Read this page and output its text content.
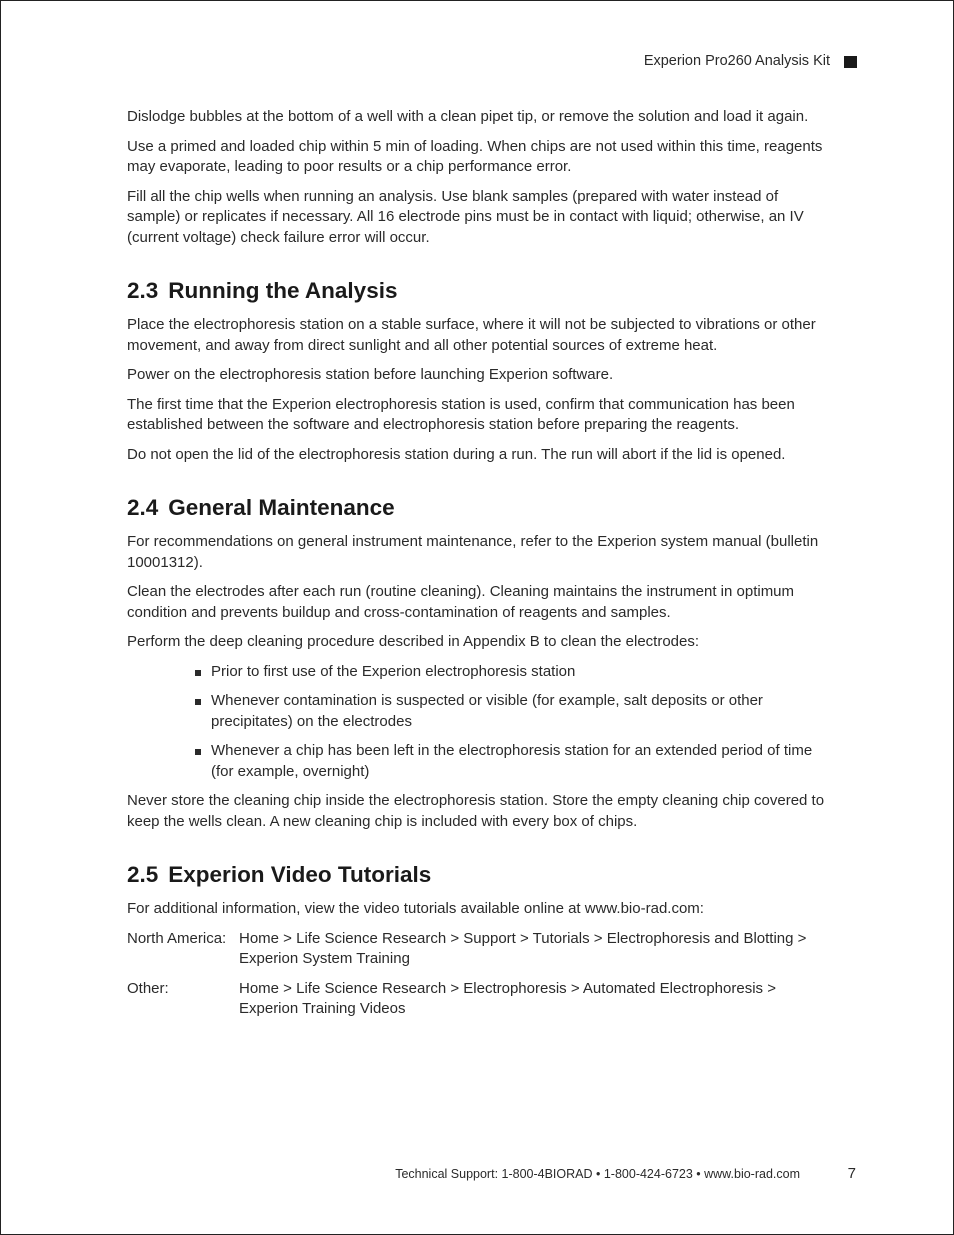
Experion Pro260 Analysis Kit

Dislodge bubbles at the bottom of a well with a clean pipet tip, or remove the solution and load it again.

Use a primed and loaded chip within 5 min of loading. When chips are not used within this time, reagents may evaporate, leading to poor results or a chip performance error.

Fill all the chip wells when running an analysis. Use blank samples (prepared with water instead of sample) or replicates if necessary. All 16 electrode pins must be in contact with liquid; otherwise, an IV (current voltage) check failure error will occur.

2.3 Running the Analysis

Place the electrophoresis station on a stable surface, where it will not be subjected to vibrations or other movement, and away from direct sunlight and all other potential sources of extreme heat.

Power on the electrophoresis station before launching Experion software.

The first time that the Experion electrophoresis station is used, confirm that communication has been established between the software and electrophoresis station before preparing the reagents.

Do not open the lid of the electrophoresis station during a run. The run will abort if the lid is opened.

2.4 General Maintenance

For recommendations on general instrument maintenance, refer to the Experion system manual (bulletin 10001312).

Clean the electrodes after each run (routine cleaning). Cleaning maintains the instrument in optimum condition and prevents buildup and cross-contamination of reagents and samples.

Perform the deep cleaning procedure described in Appendix B to clean the electrodes:

Prior to first use of the Experion electrophoresis station
Whenever contamination is suspected or visible (for example, salt deposits or other precipitates) on the electrodes
Whenever a chip has been left in the electrophoresis station for an extended period of time (for example, overnight)

Never store the cleaning chip inside the electrophoresis station. Store the empty cleaning chip covered to keep the wells clean. A new cleaning chip is included with every box of chips.

2.5 Experion Video Tutorials

For additional information, view the video tutorials available online at www.bio-rad.com:

North America: Home > Life Science Research > Support > Tutorials > Electrophoresis and Blotting > Experion System Training
Other:	Home > Life Science Research > Electrophoresis > Automated Electrophoresis > Experion Training Videos
Technical Support: 1-800-4BIORAD • 1-800-424-6723 • www.bio-rad.com	7
